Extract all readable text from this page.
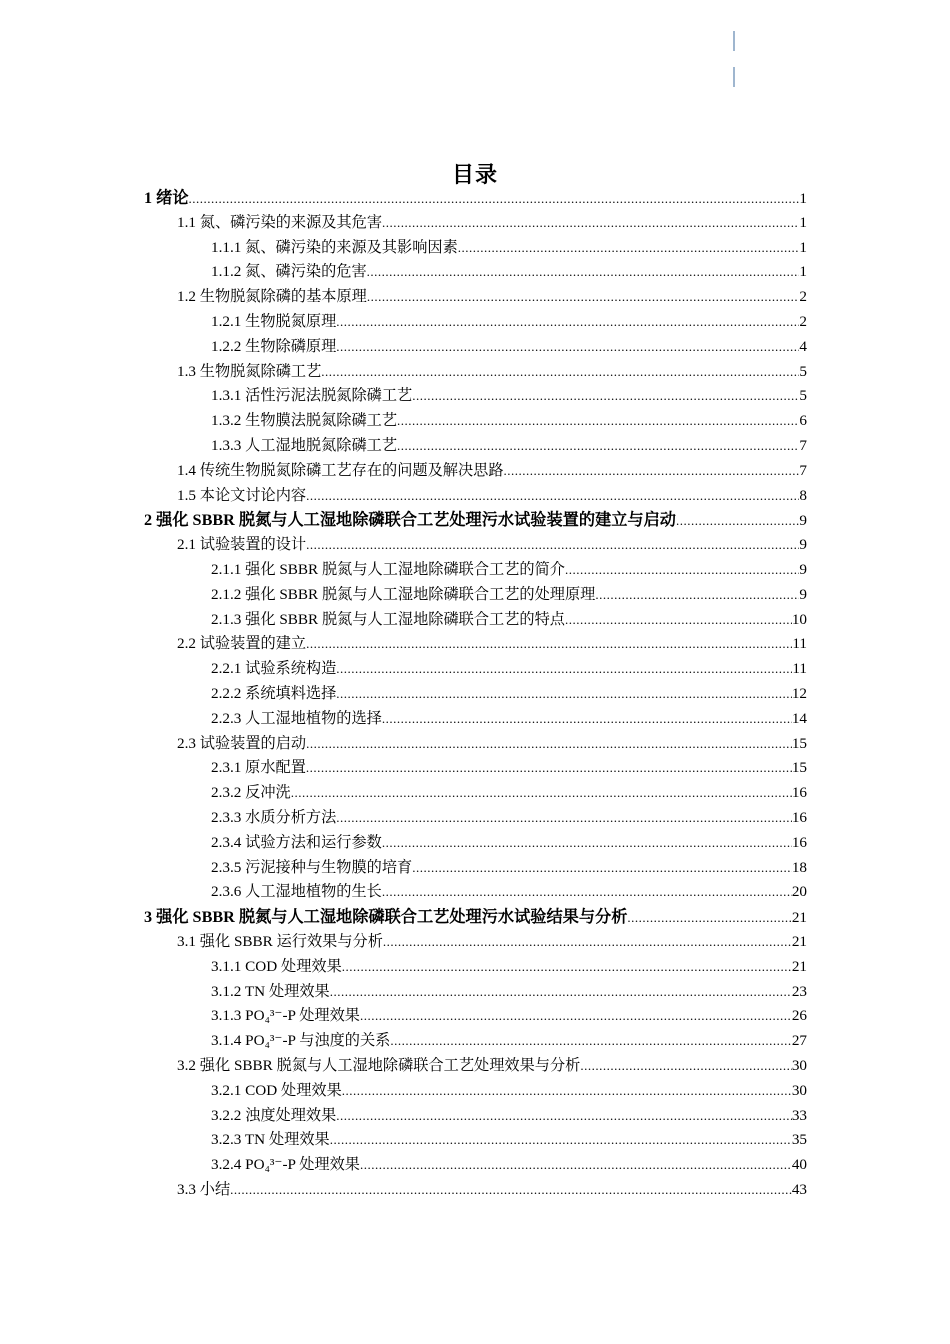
目录
1 绪论 .....	1
1.1 氮、磷污染的来源及其危害 .....	1
1.1.1 氮、磷污染的来源及其影响因素 .....	1
1.1.2 氮、磷污染的危害 .....	1
1.2 生物脱氮除磷的基本原理 .....	2
1.2.1 生物脱氮原理 .....	2
1.2.2 生物除磷原理 .....	4
1.3 生物脱氮除磷工艺 .....	5
1.3.1 活性污泥法脱氮除磷工艺 .....	5
1.3.2 生物膜法脱氮除磷工艺 .....	6
1.3.3 人工湿地脱氮除磷工艺 .....	7
1.4 传统生物脱氮除磷工艺存在的问题及解决思路 .....	7
1.5 本论文讨论内容 .....	8
2 强化 SBBR 脱氮与人工湿地除磷联合工艺处理污水试验装置的建立与启动 .....	9
2.1 试验装置的设计 .....	9
2.1.1 强化 SBBR 脱氮与人工湿地除磷联合工艺的简介 .....	9
2.1.2 强化 SBBR 脱氮与人工湿地除磷联合工艺的处理原理 .....	9
2.1.3 强化 SBBR 脱氮与人工湿地除磷联合工艺的特点 .....	10
2.2 试验装置的建立 .....	11
2.2.1 试验系统构造 .....	11
2.2.2 系统填料选择 .....	12
2.2.3 人工湿地植物的选择 .....	14
2.3 试验装置的启动 .....	15
2.3.1 原水配置 .....	15
2.3.2 反冲洗 .....	16
2.3.3 水质分析方法 .....	16
2.3.4 试验方法和运行参数 .....	16
2.3.5 污泥接种与生物膜的培育 .....	18
2.3.6 人工湿地植物的生长 .....	20
3 强化 SBBR 脱氮与人工湿地除磷联合工艺处理污水试验结果与分析 .....	21
3.1 强化 SBBR 运行效果与分析 .....	21
3.1.1 COD 处理效果 .....	21
3.1.2 TN 处理效果 .....	23
3.1.3 PO₄³⁻-P 处理效果 .....	26
3.1.4 PO₄³⁻-P 与浊度的关系 .....	27
3.2 强化 SBBR 脱氮与人工湿地除磷联合工艺处理效果与分析 .....	30
3.2.1 COD 处理效果 .....	30
3.2.2 浊度处理效果 .....	33
3.2.3 TN 处理效果 .....	35
3.2.4 PO₄³⁻-P 处理效果 .....	40
3.3 小结 .....	43
